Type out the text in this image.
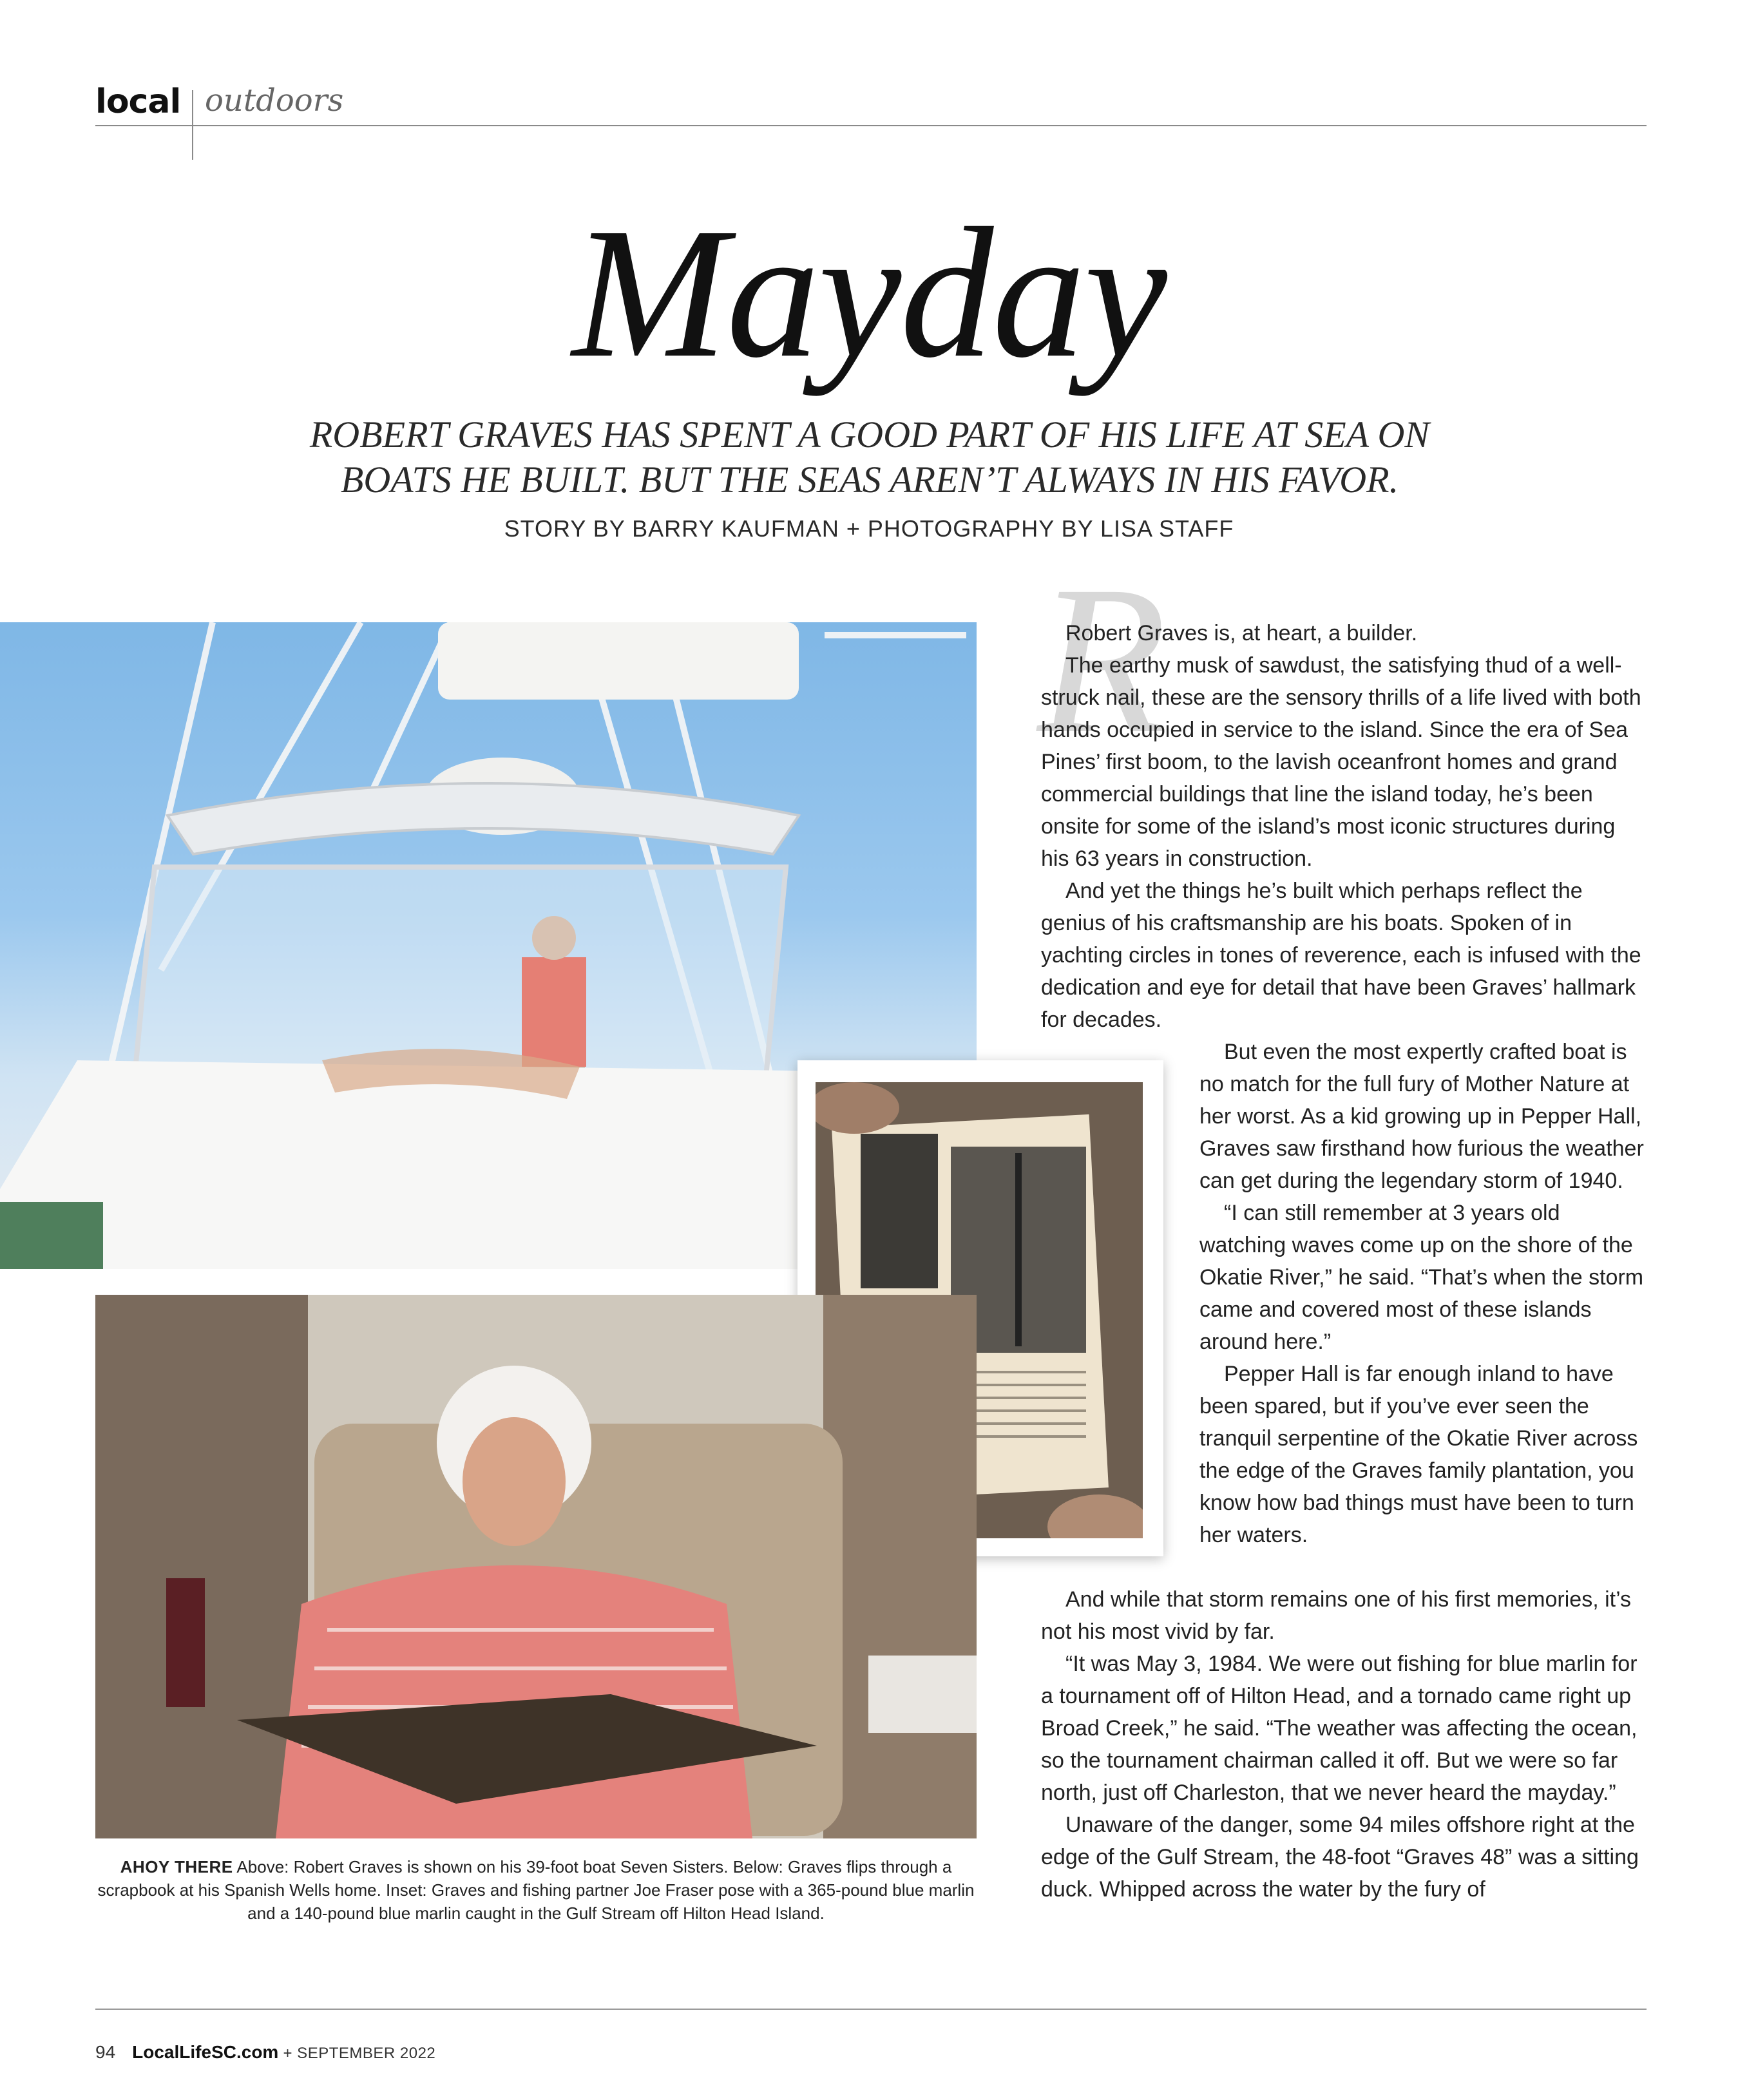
local outdoors
Mayday
ROBERT GRAVES HAS SPENT A GOOD PART OF HIS LIFE AT SEA ON
BOATS HE BUILT. BUT THE SEAS AREN’T ALWAYS IN HIS FAVOR.
STORY BY BARRY KAUFMAN + PHOTOGRAPHY BY LISA STAFF
AHOY THERE Above: Robert Graves is shown on his 39-foot boat Seven Sisters. Below: Graves flips through a scrapbook at his Spanish Wells home. Inset: Graves and fishing partner Joe Fraser pose with a 365-pound blue marlin and a 140-pound blue marlin caught in the Gulf Stream off Hilton Head Island.
R

Robert Graves is, at heart, a builder.

The earthy musk of sawdust, the satisfying thud of a well-struck nail, these are the sensory thrills of a life lived with both hands occupied in service to the island. Since the era of Sea Pines’ first boom, to the lavish oceanfront homes and grand commercial buildings that line the island today, he’s been onsite for some of the island’s most iconic structures during his 63 years in construction.

And yet the things he’s built which perhaps reflect the genius of his craftsmanship are his boats. Spoken of in yachting circles in tones of reverence, each is infused with the dedication and eye for detail that have been Graves’ hallmark for decades.

But even the most expertly crafted boat is no match for the full fury of Mother Nature at her worst. As a kid growing up in Pepper Hall, Graves saw firsthand how furious the weather can get during the legendary storm of 1940.

“I can still remember at 3 years old watching waves come up on the shore of the Okatie River,” he said. “That’s when the storm came and covered most of these islands around here.”

Pepper Hall is far enough inland to have been spared, but if you’ve ever seen the tranquil serpentine of the Okatie River across the edge of the Graves family plantation, you know how bad things must have been to turn her waters.

And while that storm remains one of his first memories, it’s not his most vivid by far.

“It was May 3, 1984. We were out fishing for blue marlin for a tournament off of Hilton Head, and a tornado came right up Broad Creek,” he said. “The weather was affecting the ocean, so the tournament chairman called it off. But we were so far north, just off Charleston, that we never heard the mayday.”

Unaware of the danger, some 94 miles offshore right at the edge of the Gulf Stream, the 48-foot “Graves 48” was a sitting duck. Whipped across the water by the fury of

94 LocalLifeSC.com + SEPTEMBER 2022
